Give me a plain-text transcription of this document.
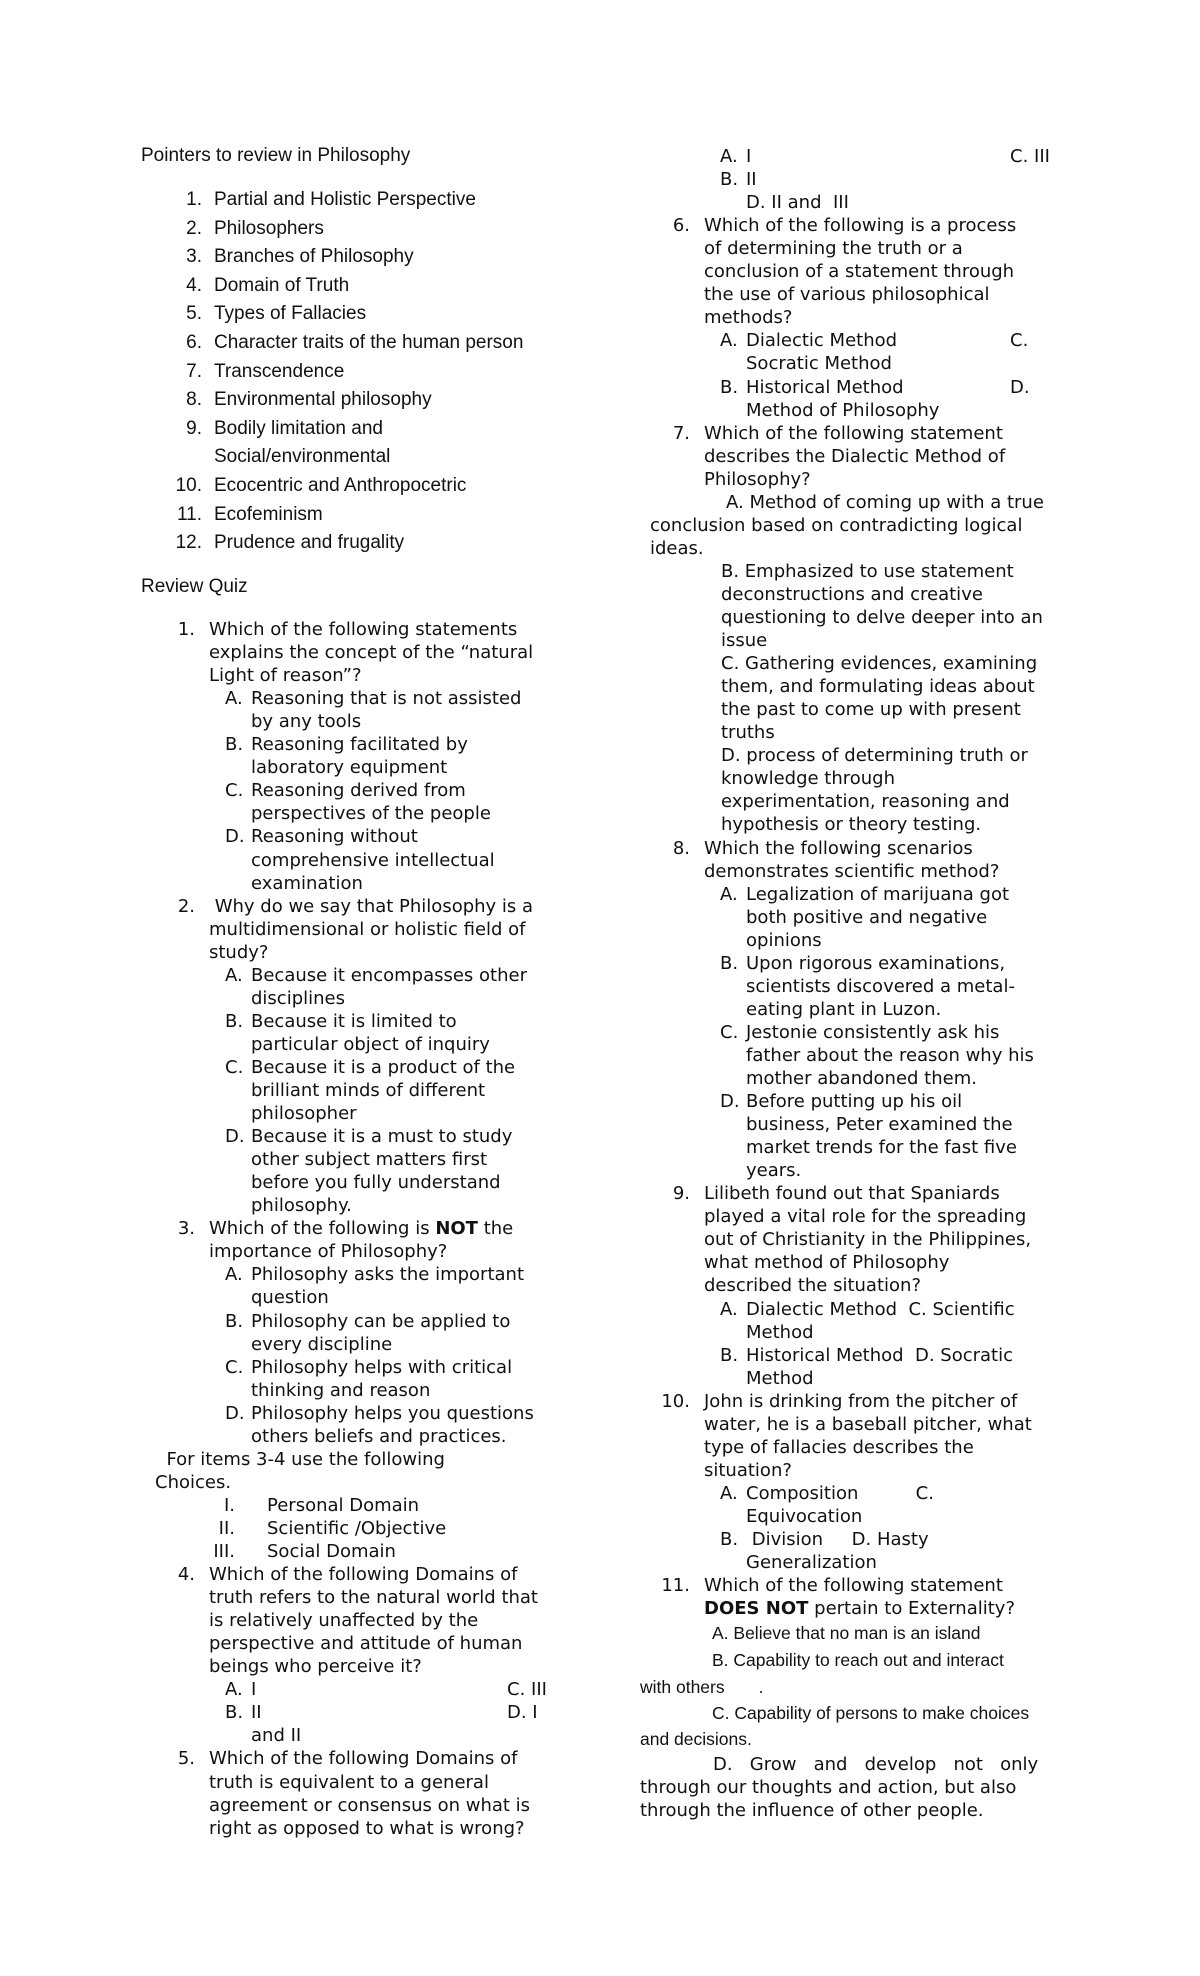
Pointers to review in Philosophy
1. Partial and Holistic Perspective
2. Philosophers
3. Branches of Philosophy
4. Domain of Truth
5. Types of Fallacies
6. Character traits of the human person
7. Transcendence
8. Environmental philosophy
9. Bodily limitation and
Social/environmental
10. Ecocentric and Anthropocetric
11. Ecofeminism
12. Prudence and frugality
Review Quiz
1. Which of the following statements
explains the concept of the “natural
Light of reason”?
A. Reasoning that is not assisted
by any tools
B. Reasoning facilitated by
laboratory equipment
C. Reasoning derived from
perspectives of the people
D. Reasoning without
comprehensive intellectual
examination
2. Why do we say that Philosophy is a
multidimensional or holistic field of
study?
A. Because it encompasses other
disciplines
B. Because it is limited to
particular object of inquiry
C. Because it is a product of the
brilliant minds of different
philosopher
D. Because it is a must to study
other subject matters first
before you fully understand
philosophy.
3. Which of the following is NOT the
importance of Philosophy?
A. Philosophy asks the important
question
B. Philosophy can be applied to
every discipline
C. Philosophy helps with critical
thinking and reason
D. Philosophy helps you questions
others beliefs and practices.
For items 3-4 use the following
Choices.
I. Personal Domain
II. Scientific /Objective
III. Social Domain
4. Which of the following Domains of
truth refers to the natural world that
is relatively unaffected by the
perspective and attitude of human
beings who perceive it?
A. I	C. III
B. II	D. I
and II
5. Which of the following Domains of
truth is equivalent to a general
agreement or consensus on what is
right as opposed to what is wrong?
A. I	C. III
B. II
D. II and  III
6. Which of the following is a process
of determining the truth or a
conclusion of a statement through
the use of various philosophical
methods?
A. Dialectic Method	C.
Socratic Method
B. Historical Method	D.
Method of Philosophy
7. Which of the following statement
describes the Dialectic Method of
Philosophy?
A. Method of coming up with a true
conclusion based on contradicting logical
ideas.
B. Emphasized to use statement
deconstructions and creative
questioning to delve deeper into an
issue
C. Gathering evidences, examining
them, and formulating ideas about
the past to come up with present
truths
D. process of determining truth or
knowledge through
experimentation, reasoning and
hypothesis or theory testing.
8. Which the following scenarios
demonstrates scientific method?
A. Legalization of marijuana got
both positive and negative
opinions
B. Upon rigorous examinations,
scientists discovered a metal-
eating plant in Luzon.
C. Jestonie consistently ask his
father about the reason why his
mother abandoned them.
D. Before putting up his oil
business, Peter examined the
market trends for the fast five
years.
9. Lilibeth found out that Spaniards
played a vital role for the spreading
out of Christianity in the Philippines,
what method of Philosophy
described the situation?
A. Dialectic Method  C. Scientific
Method
B. Historical Method  D. Socratic
Method
10. John is drinking from the pitcher of
water, he is a baseball pitcher, what
type of fallacies describes the
situation?
A. Composition          C.
Equivocation
B. Division     D. Hasty
Generalization
11. Which of the following statement
DOES NOT pertain to Externality?
A. Believe that no man is an island
B. Capability to reach out and interact
with others       .
C. Capability of persons to make choices
and decisions.
D.   Grow   and   develop   not   only
through our thoughts and action, but also
through the influence of other people.
